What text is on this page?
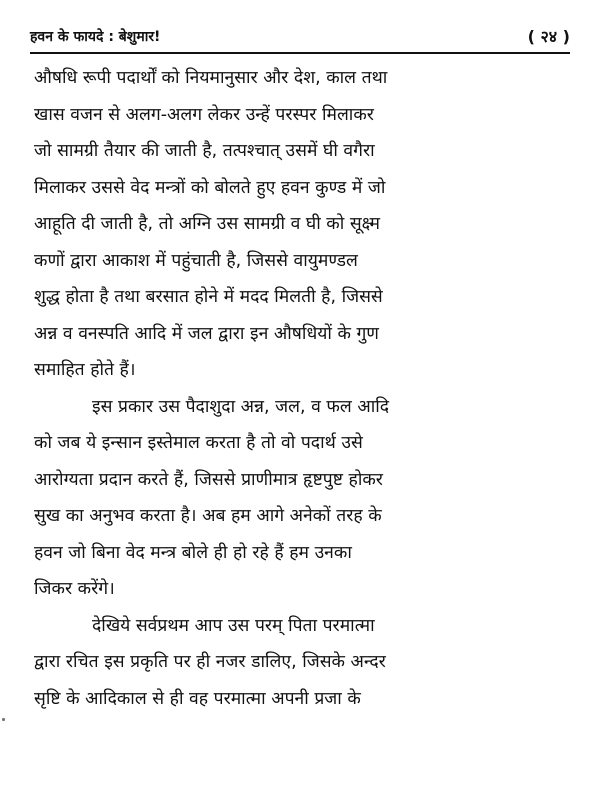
हवन के फायदे : बेशुमार!	( २४ )
औषधि रूपी पदार्थों को नियमानुसार और देश, काल तथा
खास वजन से अलग-अलग लेकर उन्हें परस्पर मिलाकर
जो सामग्री तैयार की जाती है, तत्पश्चात् उसमें घी वगैरा
मिलाकर उससे वेद मन्त्रों को बोलते हुए हवन कुण्ड में जो
आहूति दी जाती है, तो अग्नि उस सामग्री व घी को सूक्ष्म
कणों द्वारा आकाश में पहुंचाती है, जिससे वायुमण्डल
शुद्ध होता है तथा बरसात होने में मदद मिलती है, जिससे
अन्न व वनस्पति आदि में जल द्वारा इन औषधियों के गुण
समाहित होते हैं।
इस प्रकार उस पैदाशुदा अन्न, जल, व फल आदि
को जब ये इन्सान इस्तेमाल करता है तो वो पदार्थ उसे
आरोग्यता प्रदान करते हैं, जिससे प्राणीमात्र हृष्टपुष्ट होकर
सुख का अनुभव करता है। अब हम आगे अनेकों तरह के
हवन जो बिना वेद मन्त्र बोले ही हो रहे हैं हम उनका
जिकर करेंगे।
देखिये सर्वप्रथम आप उस परम् पिता परमात्मा
द्वारा रचित इस प्रकृति पर ही नजर डालिए, जिसके अन्दर
सृष्टि के आदिकाल से ही वह परमात्मा अपनी प्रजा के
